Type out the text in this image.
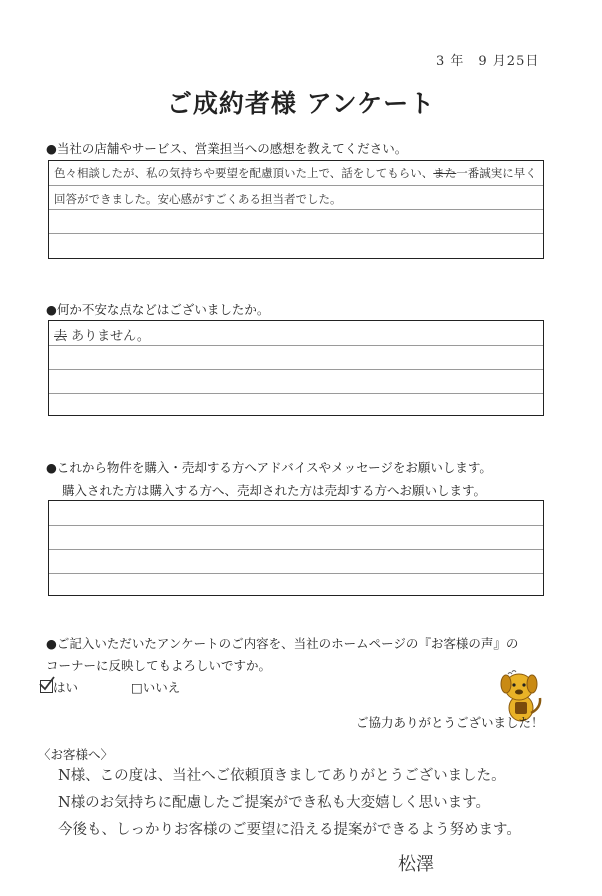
3 年　9 月25日
ご成約者様 アンケート
●当社の店舗やサービス、営業担当への感想を教えてください。
色々相談したが、私の気持ちや要望を配慮頂いた上で、話をしてもらい、また一番誠実に早く
回答ができました。安心感がすごくある担当者でした。
●何か不安な点などはございましたか。
去 ありません。
●これから物件を購入・売却する方へアドバイスやメッセージをお願いします。
購入された方は購入する方へ、売却された方は売却する方へお願いします。
●ご記入いただいたアンケートのご内容を、当社のホームページの『お客様の声』の
コーナーに反映してもよろしいですか。
はい	□いいえ
ご協力ありがとうございました！
〈お客様へ〉
N様、この度は、当社へご依頼頂きましてありがとうございました。
N様のお気持ちに配慮したご提案ができ私も大変嬉しく思います。
今後も、しっかりお客様のご要望に沿える提案ができるよう努めます。
松澤
